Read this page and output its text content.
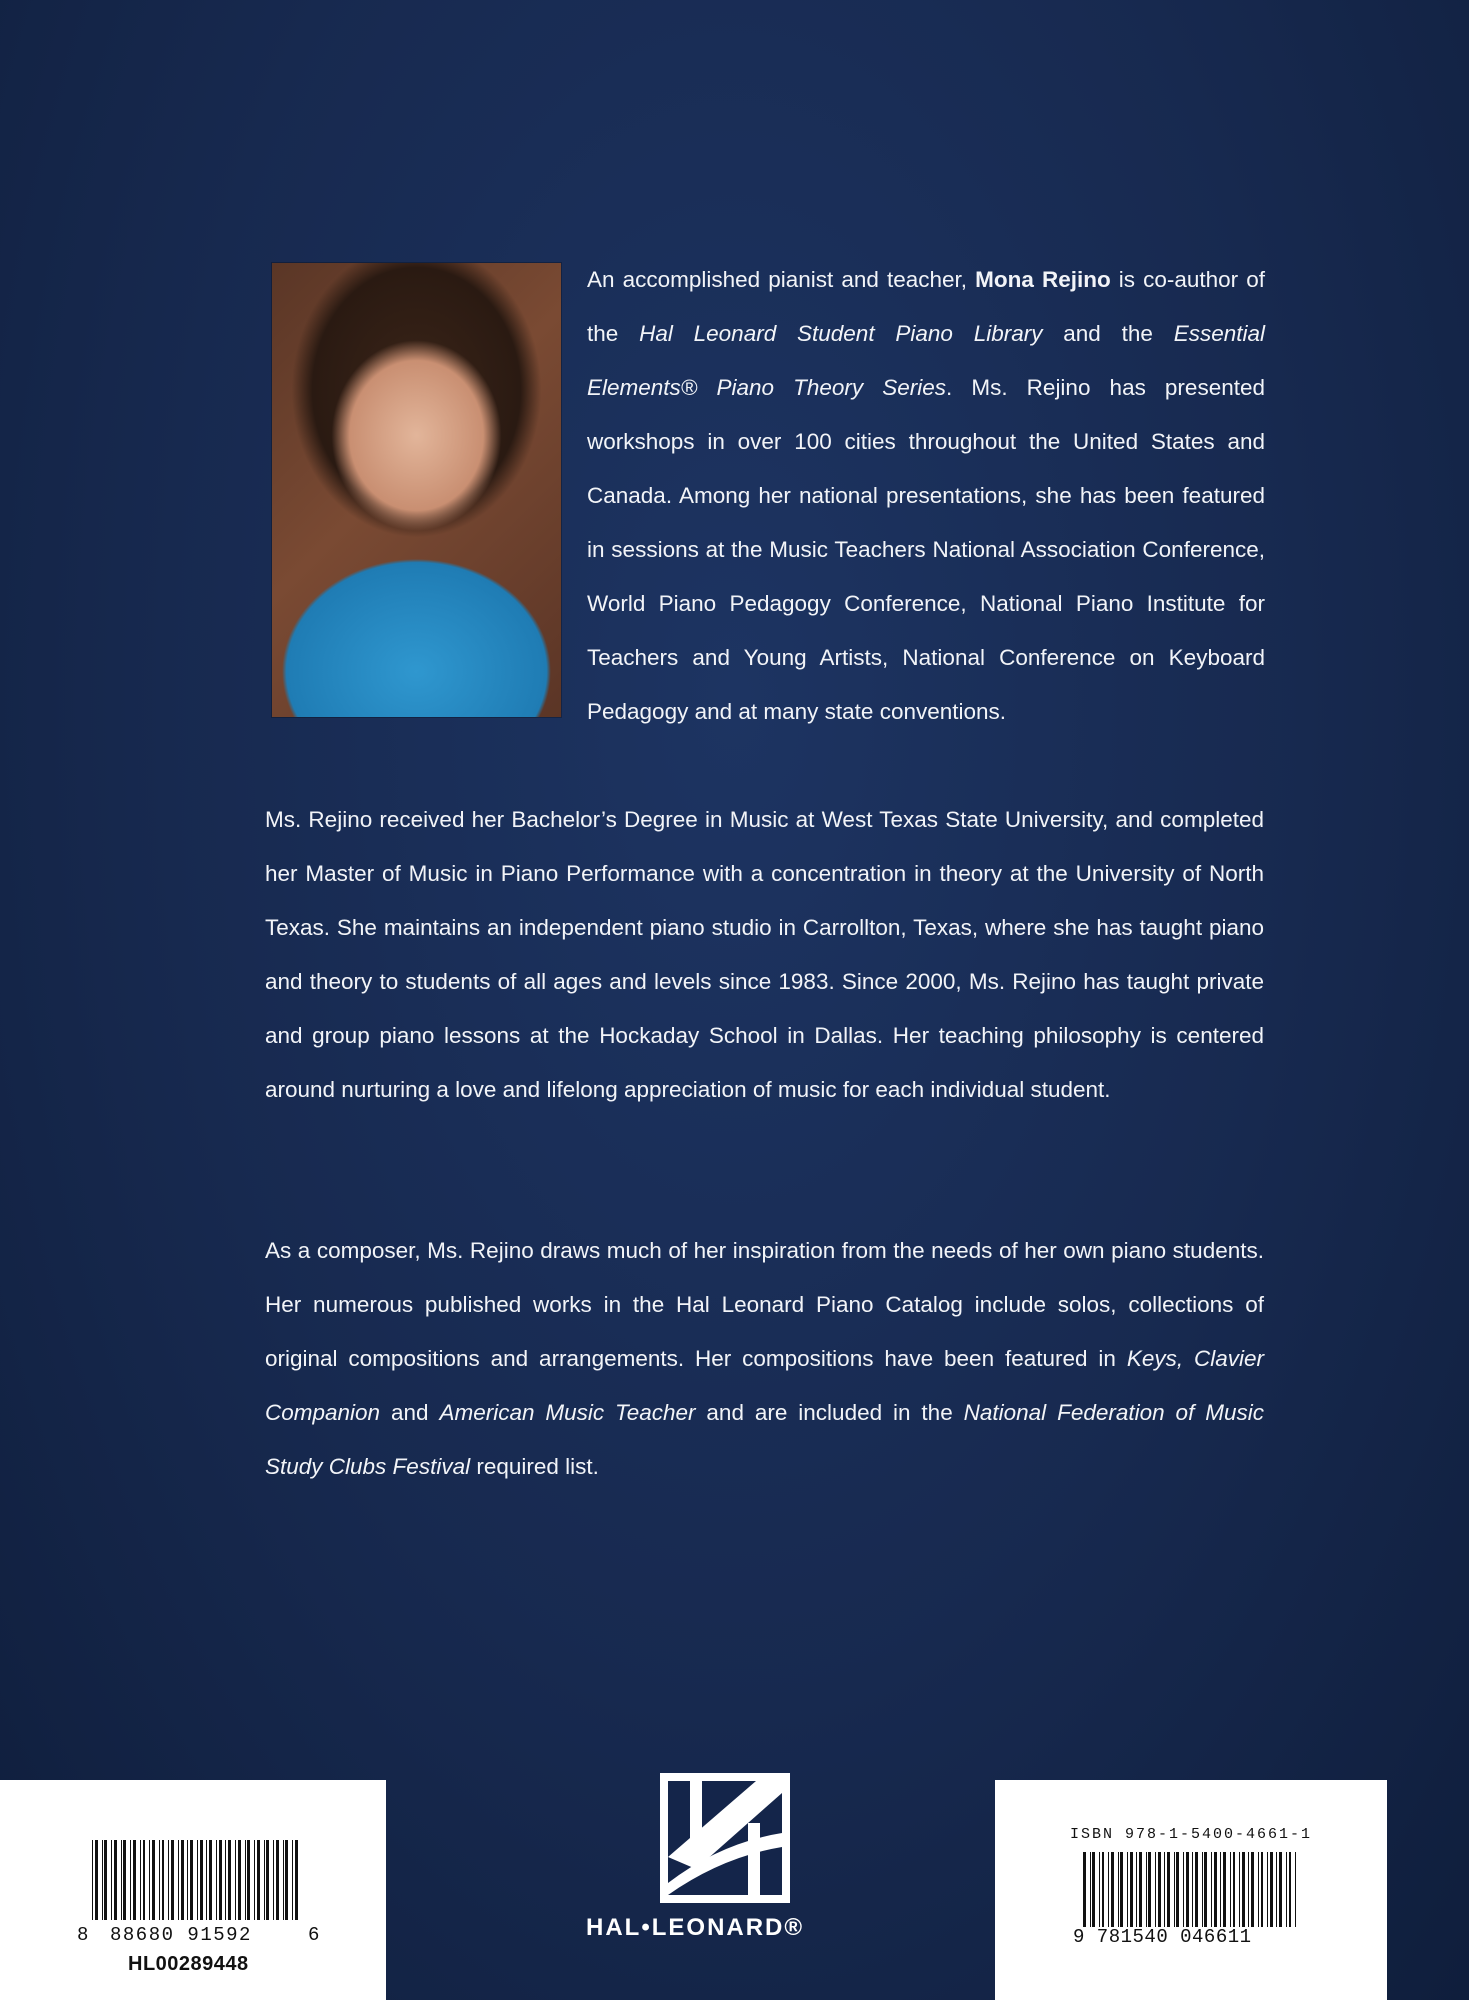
An accomplished pianist and teacher, Mona Rejino is co-author of the Hal Leonard Student Piano Library and the Essential Elements® Piano Theory Series. Ms. Rejino has presented workshops in over 100 cities throughout the United States and Canada. Among her national presentations, she has been featured in sessions at the Music Teachers National Association Conference, World Piano Pedagogy Conference, National Piano Institute for Teachers and Young Artists, National Conference on Keyboard Pedagogy and at many state conventions.

Ms. Rejino received her Bachelor’s Degree in Music at West Texas State University, and completed her Master of Music in Piano Performance with a concentration in theory at the University of North Texas. She maintains an independent piano studio in Carrollton, Texas, where she has taught piano and theory to students of all ages and levels since 1983. Since 2000, Ms. Rejino has taught private and group piano lessons at the Hockaday School in Dallas. Her teaching philosophy is centered around nurturing a love and lifelong appreciation of music for each individual student.

As a composer, Ms. Rejino draws much of her inspiration from the needs of her own piano students. Her numerous published works in the Hal Leonard Piano Catalog include solos, collections of original compositions and arrangements. Her compositions have been featured in Keys, Clavier Companion and American Music Teacher and are included in the National Federation of Music Study Clubs Festival required list.

8 88680 91592	6
HL00289448
HAL•LEONARD®
ISBN 978-1-5400-4661-1
9 781540 046611
